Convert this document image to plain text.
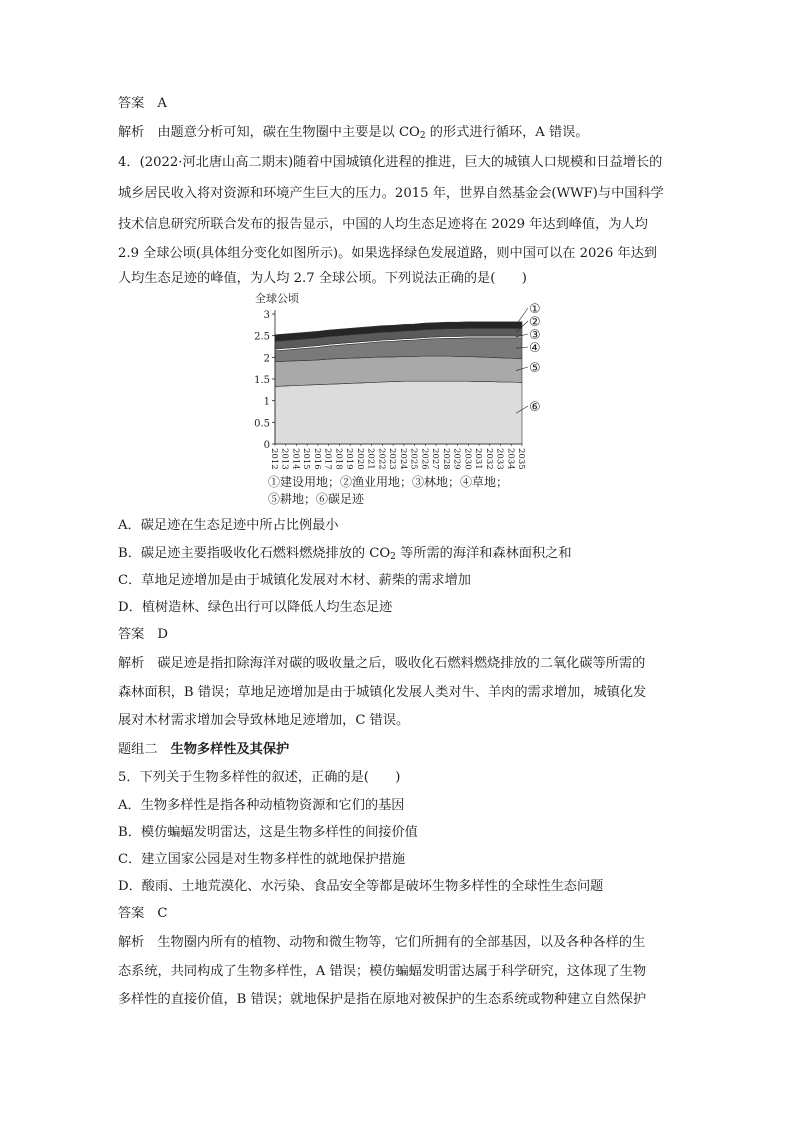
答案 A
解析 由题意分析可知，碳在生物圈中主要是以 $CO_2$ 的形式进行循环，A 错误。
4．(2022·河北唐山高二期末)随着中国城镇化进程的推进，巨大的城镇人口规模和日益增长的
城乡居民收入将对资源和环境产生巨大的压力。2015 年，世界自然基金会(WWF)与中国科学
技术信息研究所联合发布的报告显示，中国的人均生态足迹将在 2029 年达到峰值，为人均
2.9 全球公顷(具体组分变化如图所示)。如果选择绿色发展道路，则中国可以在 2026 年达到
人均生态足迹的峰值，为人均 2.7 全球公顷。下列说法正确的是(　　)
全球公顷
0
0.5
1
1.5
2
2.5
3
2012 2013 2014 2015 2016 2017 2018 2019 2020 2021 2022 2023 2024 2025 2026 2027 2028 2029 2030 2031 2032 2033 2034 2035
⑥
⑤
④
③
②
①
①建设用地；②渔业用地；③林地；④草地；
⑤耕地；⑥碳足迹
A．碳足迹在生态足迹中所占比例最小
B．碳足迹主要指吸收化石燃料燃烧排放的 $CO_2$ 等所需的海洋和森林面积之和
C．草地足迹增加是由于城镇化发展对木材、薪柴的需求增加
D．植树造林、绿色出行可以降低人均生态足迹
答案 D
解析 碳足迹是指扣除海洋对碳的吸收量之后，吸收化石燃料燃烧排放的二氧化碳等所需的
森林面积，B 错误；草地足迹增加是由于城镇化发展人类对牛、羊肉的需求增加，城镇化发
展对木材需求增加会导致林地足迹增加，C 错误。
题组二 生物多样性及其保护
5．下列关于生物多样性的叙述，正确的是(　　)
A．生物多样性是指各种动植物资源和它们的基因
B．模仿蝙蝠发明雷达，这是生物多样性的间接价值
C．建立国家公园是对生物多样性的就地保护措施
D．酸雨、土地荒漠化、水污染、食品安全等都是破坏生物多样性的全球性生态问题
答案 C
解析 生物圈内所有的植物、动物和微生物等，它们所拥有的全部基因，以及各种各样的生
态系统，共同构成了生物多样性，A 错误；模仿蝙蝠发明雷达属于科学研究，这体现了生物
多样性的直接价值，B 错误；就地保护是指在原地对被保护的生态系统或物种建立自然保护
